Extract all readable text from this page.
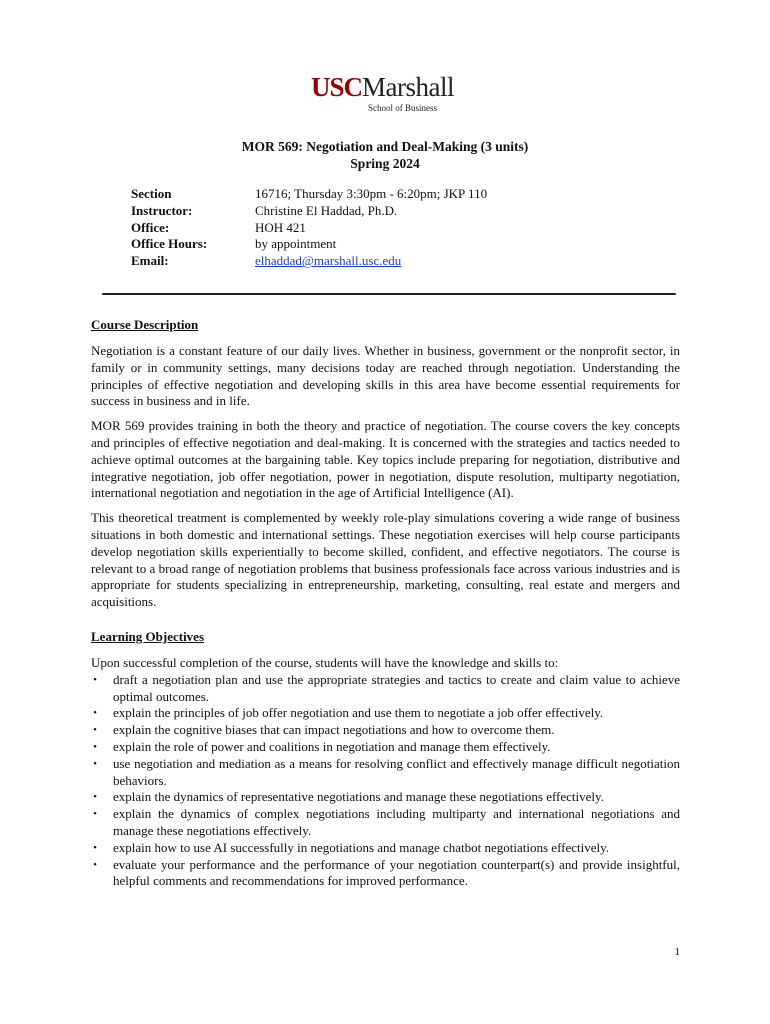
USCMarshall
School of Business
MOR 569: Negotiation and Deal-Making (3 units)
Spring 2024
Section	16716; Thursday 3:30pm - 6:20pm; JKP 110
Instructor:	Christine El Haddad, Ph.D.
Office:	HOH 421
Office Hours:	by appointment
Email:	elhaddad@marshall.usc.edu
Course Description

Negotiation is a constant feature of our daily lives. Whether in business, government or the nonprofit sector, in family or in community settings, many decisions today are reached through negotiation. Understanding the principles of effective negotiation and developing skills in this area have become essential requirements for success in business and in life.

MOR 569 provides training in both the theory and practice of negotiation. The course covers the key concepts and principles of effective negotiation and deal-making. It is concerned with the strategies and tactics needed to achieve optimal outcomes at the bargaining table. Key topics include preparing for negotiation, distributive and integrative negotiation, job offer negotiation, power in negotiation, dispute resolution, multiparty negotiation, international negotiation and negotiation in the age of Artificial Intelligence (AI).

This theoretical treatment is complemented by weekly role-play simulations covering a wide range of business situations in both domestic and international settings. These negotiation exercises will help course participants develop negotiation skills experientially to become skilled, confident, and effective negotiators. The course is relevant to a broad range of negotiation problems that business professionals face across various industries and is appropriate for students specializing in entrepreneurship, marketing, consulting, real estate and mergers and acquisitions.

Learning Objectives
Upon successful completion of the course, students will have the knowledge and skills to:
• draft a negotiation plan and use the appropriate strategies and tactics to create and claim value to achieve optimal outcomes.
• explain the principles of job offer negotiation and use them to negotiate a job offer effectively.
• explain the cognitive biases that can impact negotiations and how to overcome them.
• explain the role of power and coalitions in negotiation and manage them effectively.
• use negotiation and mediation as a means for resolving conflict and effectively manage difficult negotiation behaviors.
• explain the dynamics of representative negotiations and manage these negotiations effectively.
• explain the dynamics of complex negotiations including multiparty and international negotiations and manage these negotiations effectively.
• explain how to use AI successfully in negotiations and manage chatbot negotiations effectively.
• evaluate your performance and the performance of your negotiation counterpart(s) and provide insightful, helpful comments and recommendations for improved performance.
1
